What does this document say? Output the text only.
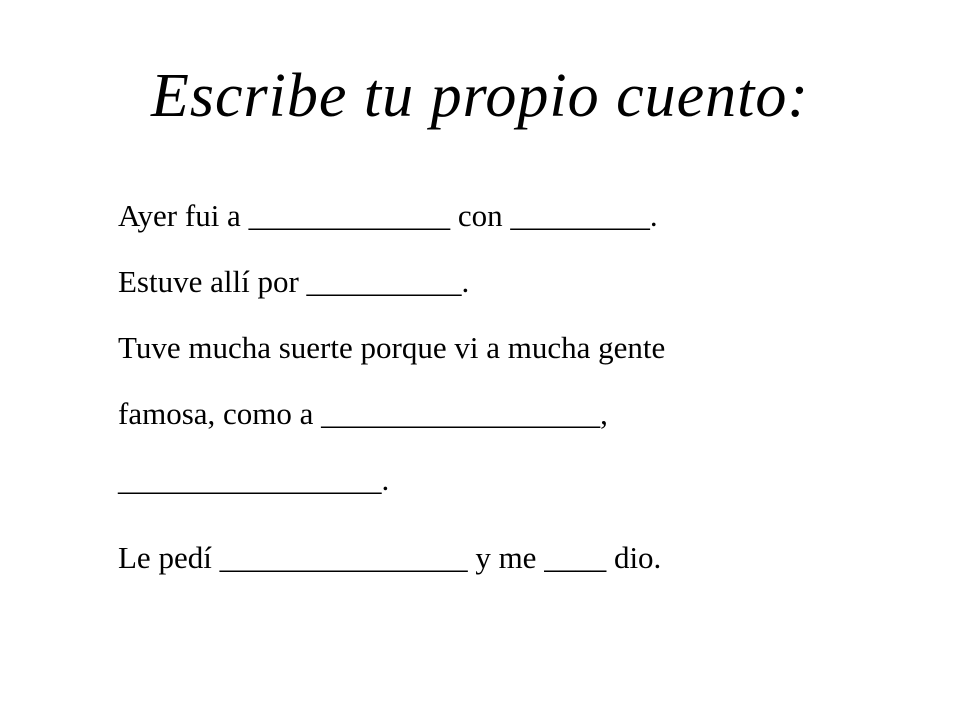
Escribe tu propio cuento:
Ayer fui a _____________ con _________.
Estuve allí por __________.
Tuve mucha suerte porque vi a mucha gente
famosa, como a __________________,
_________________.
Le pedí ________________ y me ____ dio.
